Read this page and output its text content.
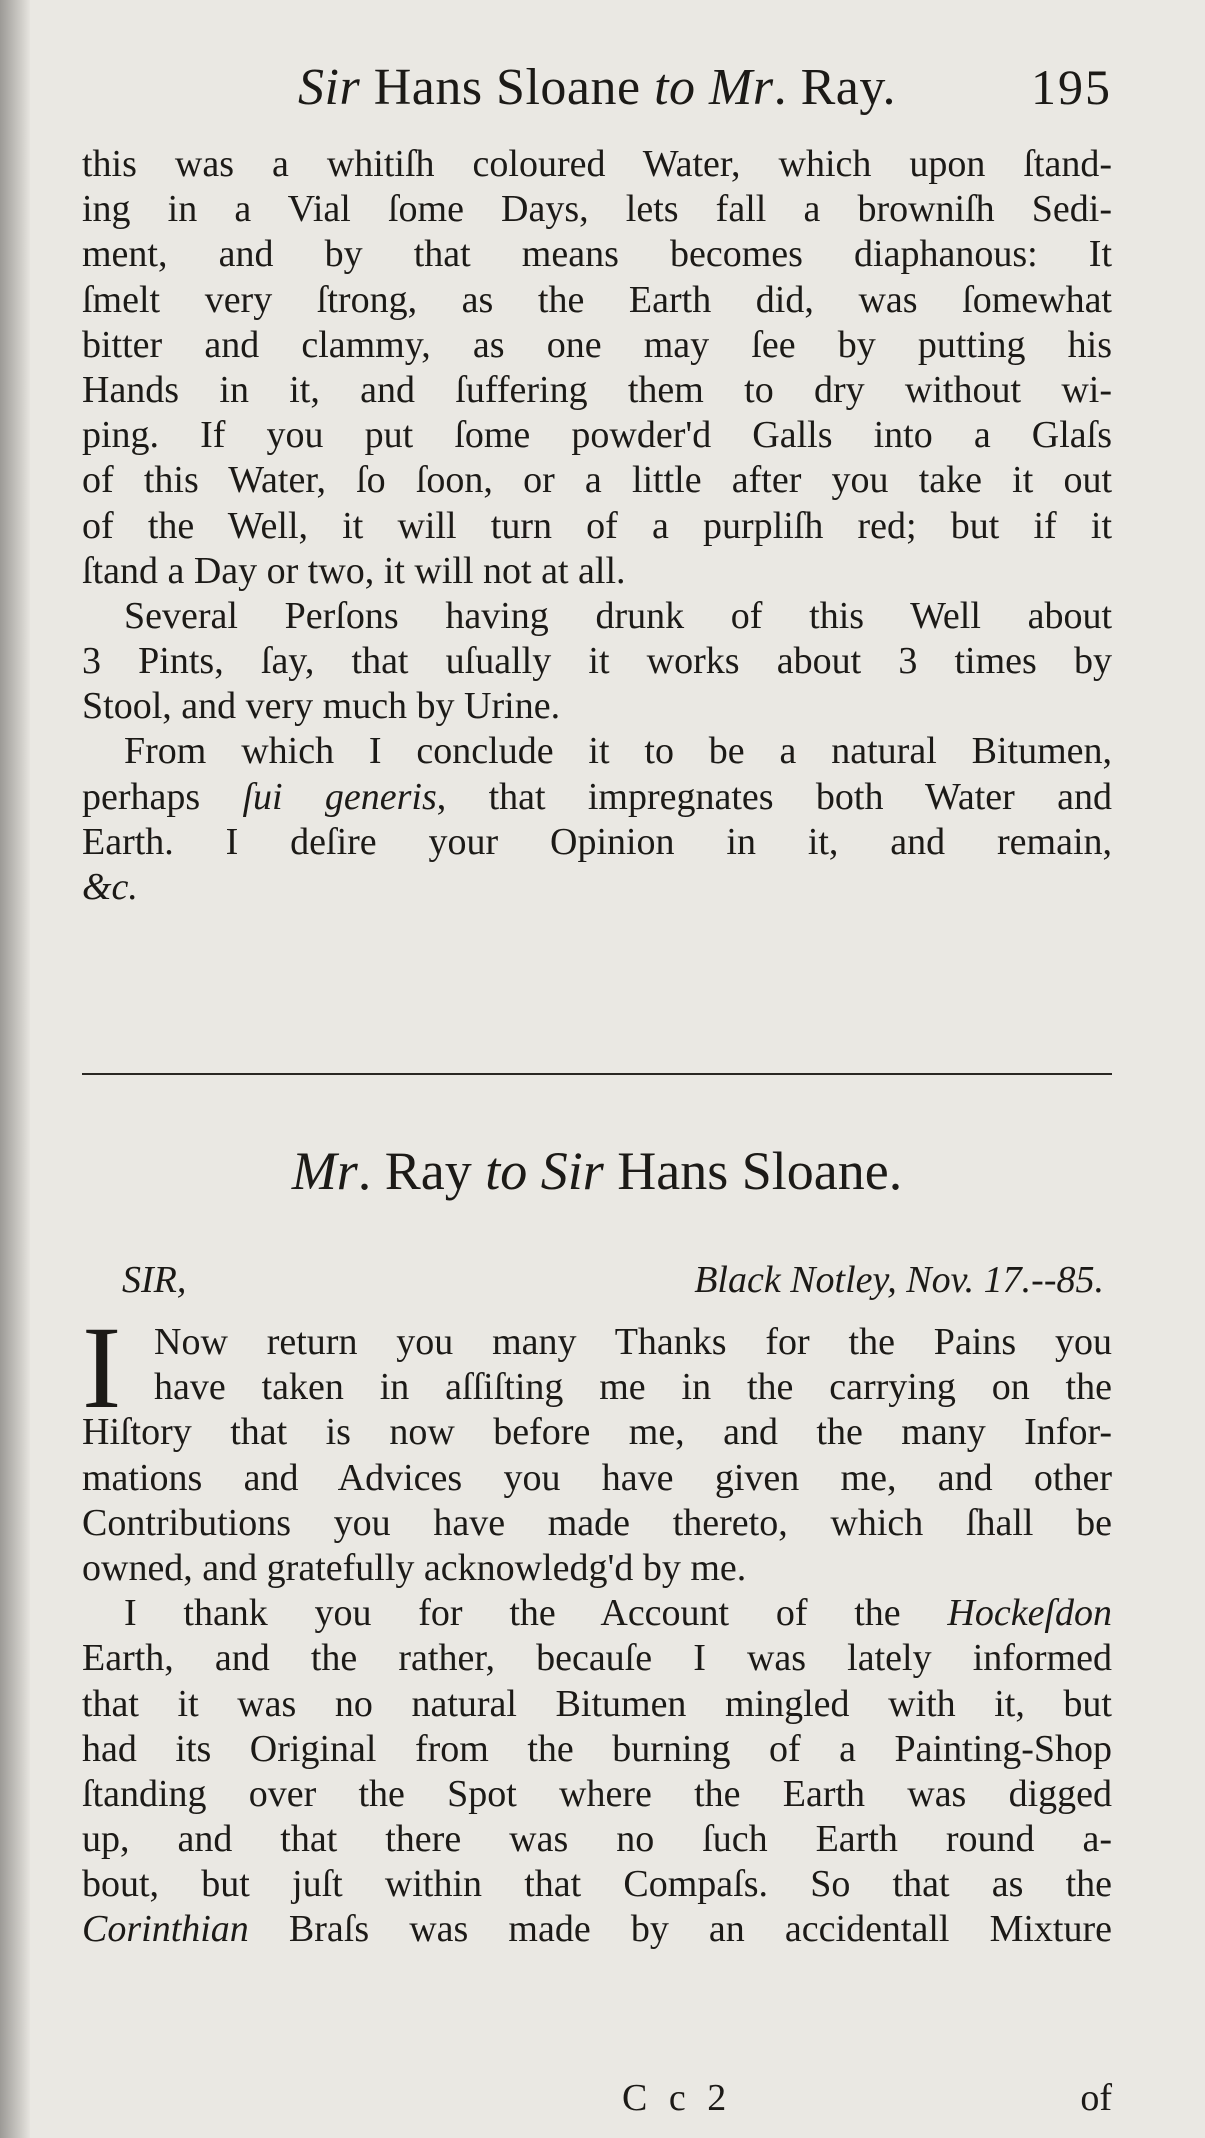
Sir Hans Sloane to Mr. Ray.	195
this was a whitiſh coloured Water, which upon ſtand-
ing in a Vial ſome Days, lets fall a browniſh Sedi-
ment, and by that means becomes diaphanous: It
ſmelt very ſtrong, as the Earth did, was ſomewhat
bitter and clammy, as one may ſee by putting his
Hands in it, and ſuffering them to dry without wi-
ping. If you put ſome powder'd Galls into a Glaſs
of this Water, ſo ſoon, or a little after you take it out
of the Well, it will turn of a purpliſh red; but if it
ſtand a Day or two, it will not at all.
Several Perſons having drunk of this Well about
3 Pints, ſay, that uſually it works about 3 times by
Stool, and very much by Urine.
From which I conclude it to be a natural Bitumen,
perhaps ſui generis, that impregnates both Water and
Earth. I deſire your Opinion in it, and remain,
&c.
Mr. Ray to Sir Hans Sloane.
SIR,	Black Notley, Nov. 17.--85.
I Now return you many Thanks for the Pains you
have taken in aſſiſting me in the carrying on the
Hiſtory that is now before me, and the many Infor-
mations and Advices you have given me, and other
Contributions you have made thereto, which ſhall be
owned, and gratefully acknowledg'd by me.
I thank you for the Account of the Hockeſdon
Earth, and the rather, becauſe I was lately informed
that it was no natural Bitumen mingled with it, but
had its Original from the burning of a Painting-Shop
ſtanding over the Spot where the Earth was digged
up, and that there was no ſuch Earth round a-
bout, but juſt within that Compaſs. So that as the
Corinthian Braſs was made by an accidentall Mixture
C c 2	of
